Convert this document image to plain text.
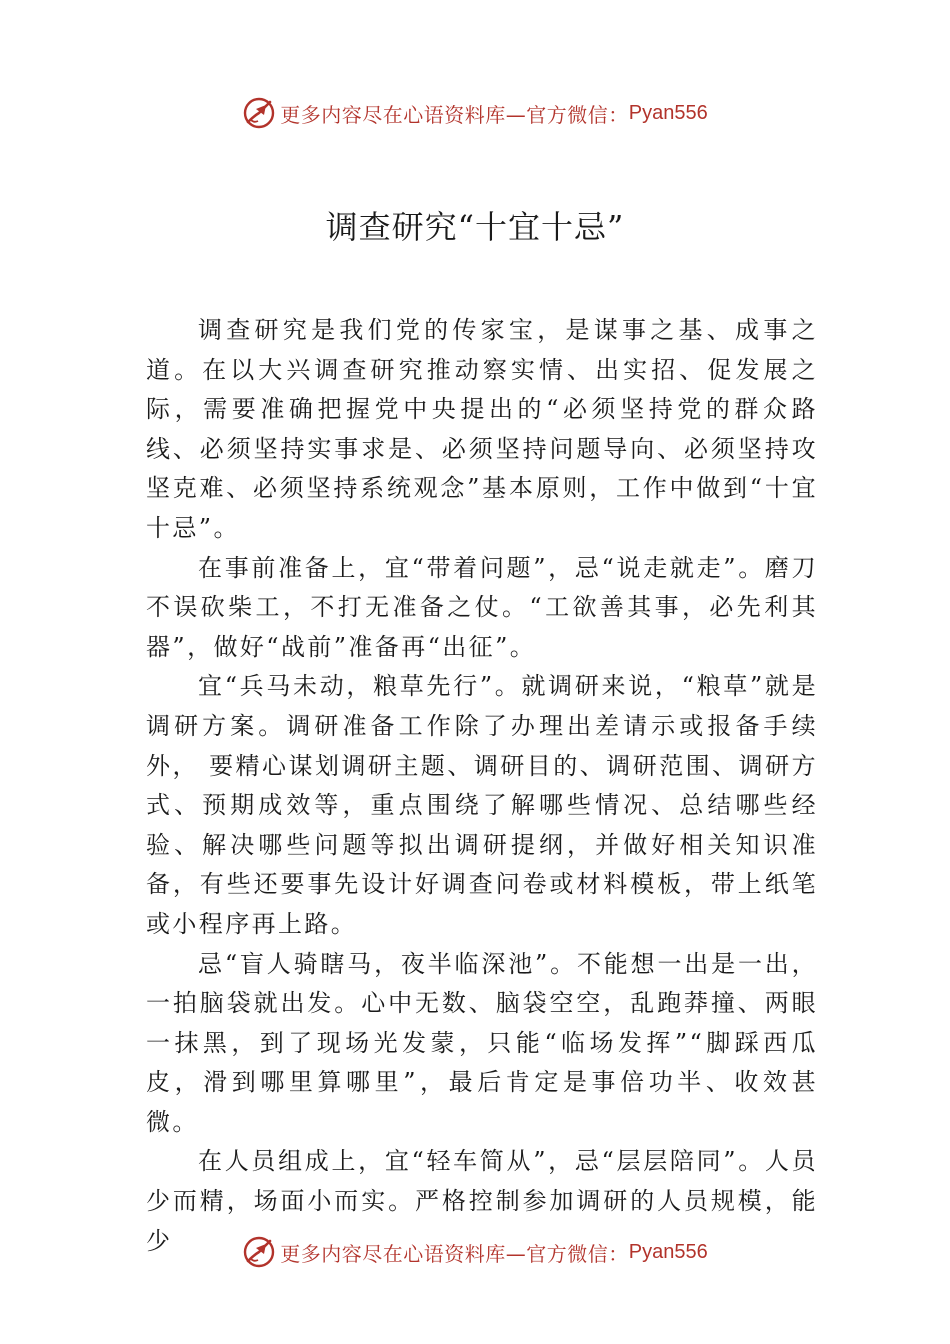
更多内容尽在心语资料库—官方微信： Pyan556
调查研究“十宜十忌”

调查研究是我们党的传家宝，是谋事之基、成事之道。在以大兴调查研究推动察实情、出实招、促发展之际，需要准确把握党中央提出的“必须坚持党的群众路线、必须坚持实事求是、必须坚持问题导向、必须坚持攻坚克难、必须坚持系统观念”基本原则，工作中做到“十宜十忌”。

在事前准备上，宜“带着问题”，忌“说走就走”。磨刀不误砍柴工，不打无准备之仗。“工欲善其事，必先利其器”，做好“战前”准备再“出征”。

宜“兵马未动，粮草先行”。就调研来说，“粮草”就是调研方案。调研准备工作除了办理出差请示或报备手续外， 要精心谋划调研主题、调研目的、调研范围、调研方式、预期成效等，重点围绕了解哪些情况、总结哪些经验、解决哪些问题等拟出调研提纲，并做好相关知识准备，有些还要事先设计好调查问卷或材料模板，带上纸笔或小程序再上路。

忌“盲人骑瞎马，夜半临深池”。不能想一出是一出，一拍脑袋就出发。心中无数、脑袋空空，乱跑莽撞、两眼一抹黑，到了现场光发蒙，只能“临场发挥”“脚踩西瓜皮，滑到哪里算哪里”，最后肯定是事倍功半、收效甚微。

在人员组成上，宜“轻车简从”，忌“层层陪同”。人员少而精，场面小而实。严格控制参加调研的人员规模，能少	更多内容尽在心语资料库—官方微信： Pyan556
